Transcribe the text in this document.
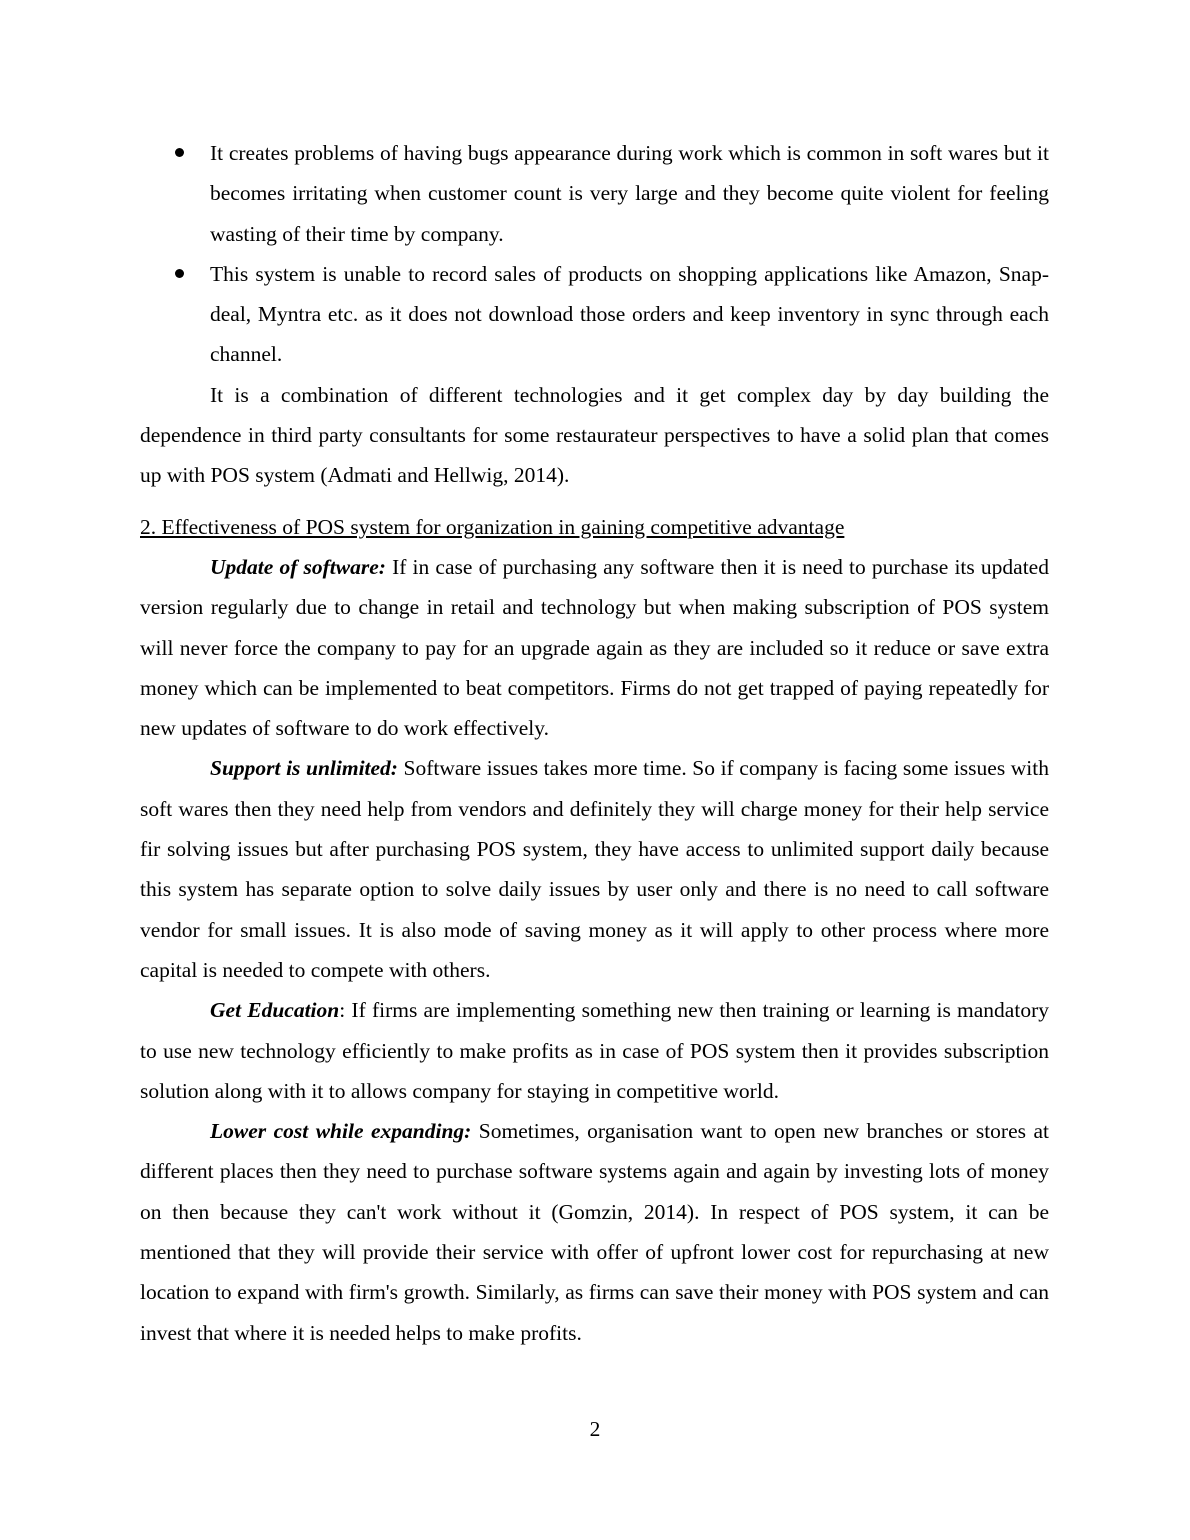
It creates problems of having bugs appearance during work which is common in soft wares but it becomes irritating when customer count is very large and they become quite violent for feeling wasting of their time by company.
This system is unable to record sales of products on shopping applications like Amazon, Snap-deal, Myntra etc. as it does not download those orders and keep inventory in sync through each channel.

It is a combination of different technologies and it get complex day by day building the dependence in third party consultants for some restaurateur perspectives to have a solid plan that comes up with POS system (Admati and Hellwig, 2014).

2. Effectiveness of POS system for organization in gaining competitive advantage

Update of software: If in case of purchasing any software then it is need to purchase its updated version regularly due to change in retail and technology but when making subscription of POS system will never force the company to pay for an upgrade again as they are included so it reduce or save extra money which can be implemented to beat competitors. Firms do not get trapped of paying repeatedly for new updates of software to do work effectively.

Support is unlimited: Software issues takes more time. So if company is facing some issues with soft wares then they need help from vendors and definitely they will charge money for their help service fir solving issues but after purchasing POS system, they have access to unlimited support daily because this system has separate option to solve daily issues by user only and there is no need to call software vendor for small issues. It is also mode of saving money as it will apply to other process where more capital is needed to compete with others.

Get Education: If firms are implementing something new then training or learning is mandatory to use new technology efficiently to make profits as in case of POS system then it provides subscription solution along with it to allows company for staying in competitive world.

Lower cost while expanding: Sometimes, organisation want to open new branches or stores at different places then they need to purchase software systems again and again by investing lots of money on then because they can't work without it (Gomzin, 2014). In respect of POS system, it can be mentioned that they will provide their service with offer of upfront lower cost for repurchasing at new location to expand with firm's growth. Similarly, as firms can save their money with POS system and can invest that where it is needed helps to make profits.

2
